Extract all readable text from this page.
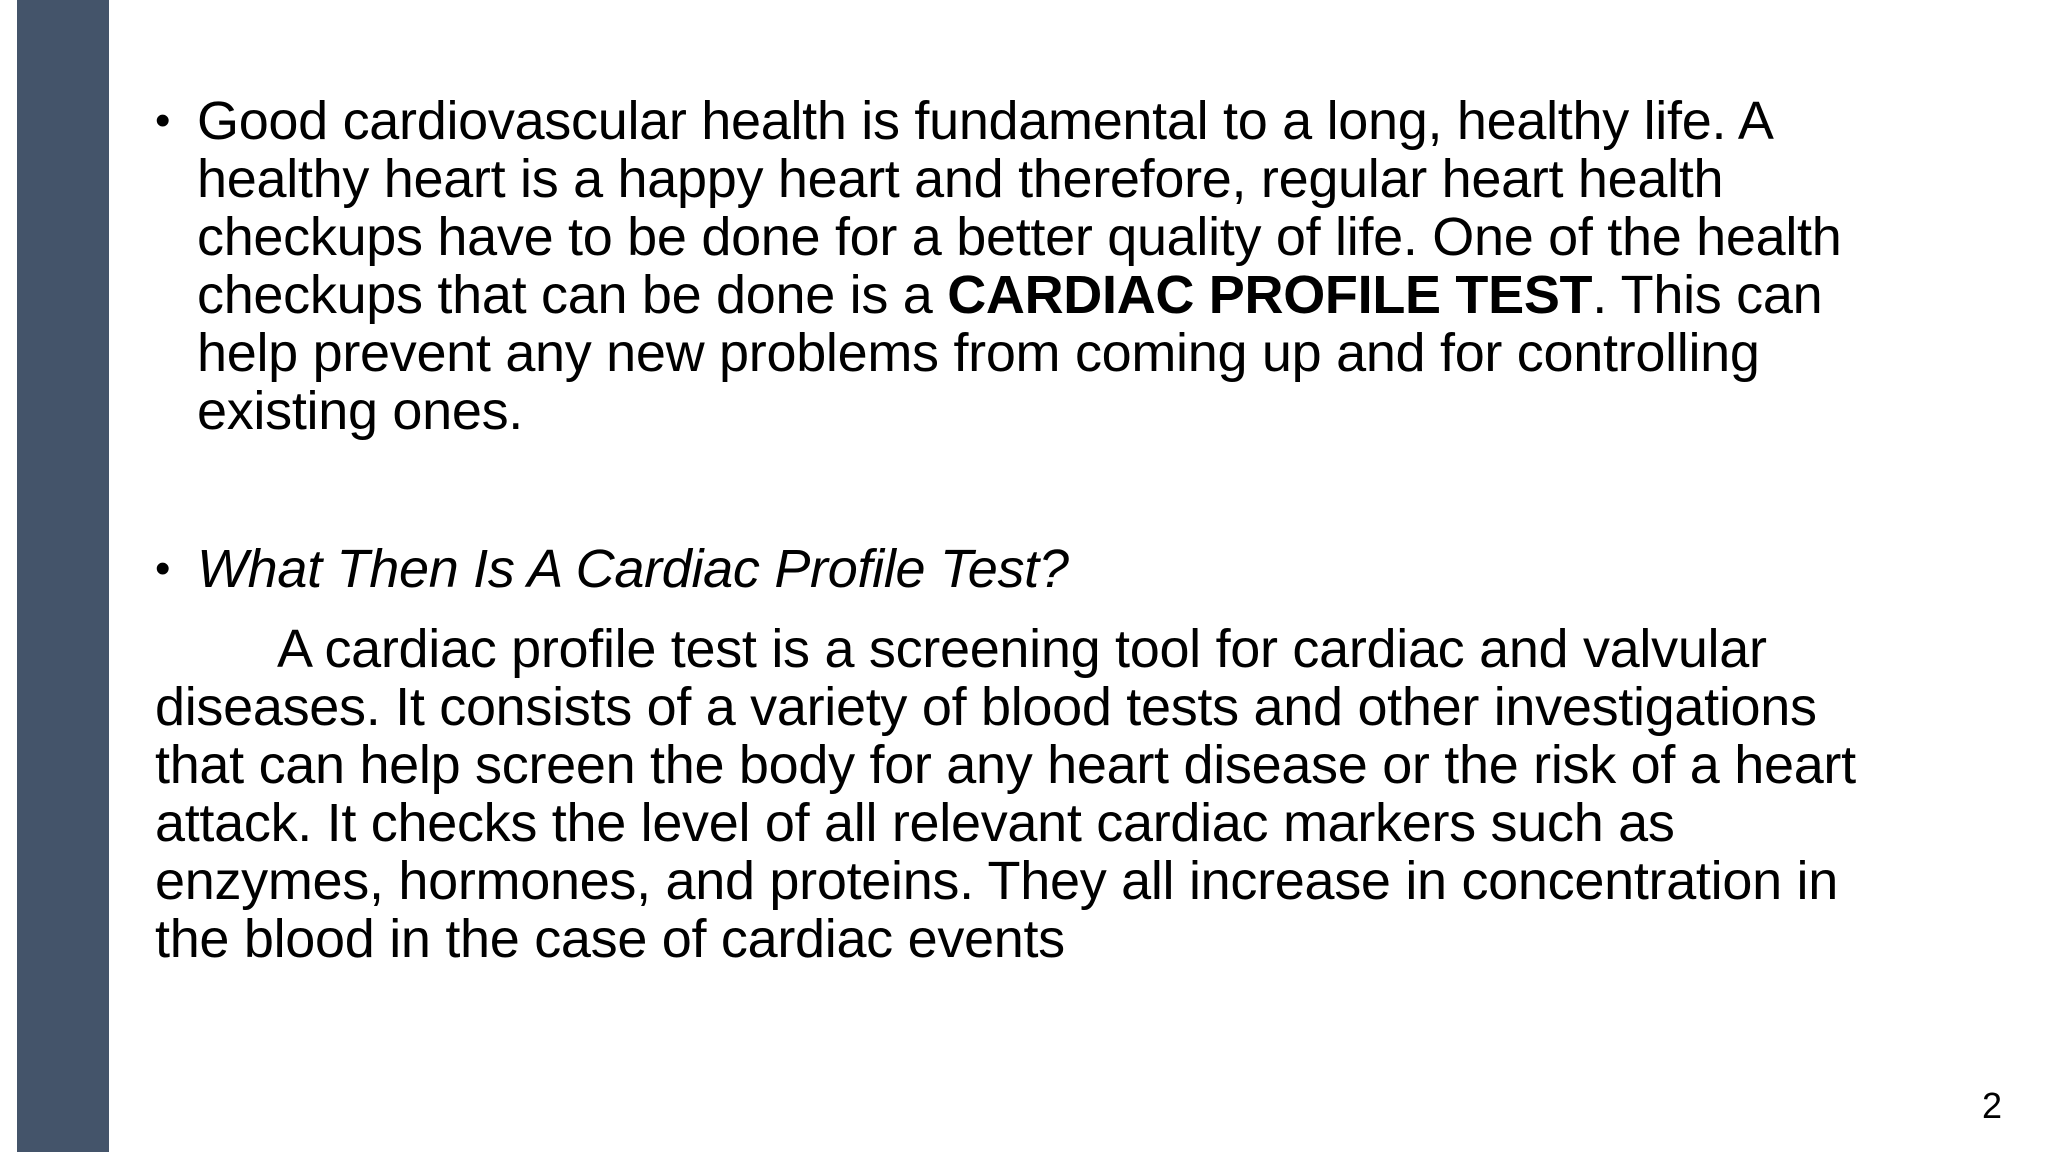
• Good cardiovascular health is fundamental to a long, healthy life. A healthy heart is a happy heart and therefore, regular heart health checkups have to be done for a better quality of life. One of the health checkups that can be done is a CARDIAC PROFILE TEST. This can help prevent any new problems from coming up and for controlling existing ones.
• What Then Is A Cardiac Profile Test?
A cardiac profile test is a screening tool for cardiac and valvular diseases. It consists of a variety of blood tests and other investigations that can help screen the body for any heart disease or the risk of a heart attack. It checks the level of all relevant cardiac markers such as enzymes, hormones, and proteins. They all increase in concentration in the blood in the case of cardiac events
2
